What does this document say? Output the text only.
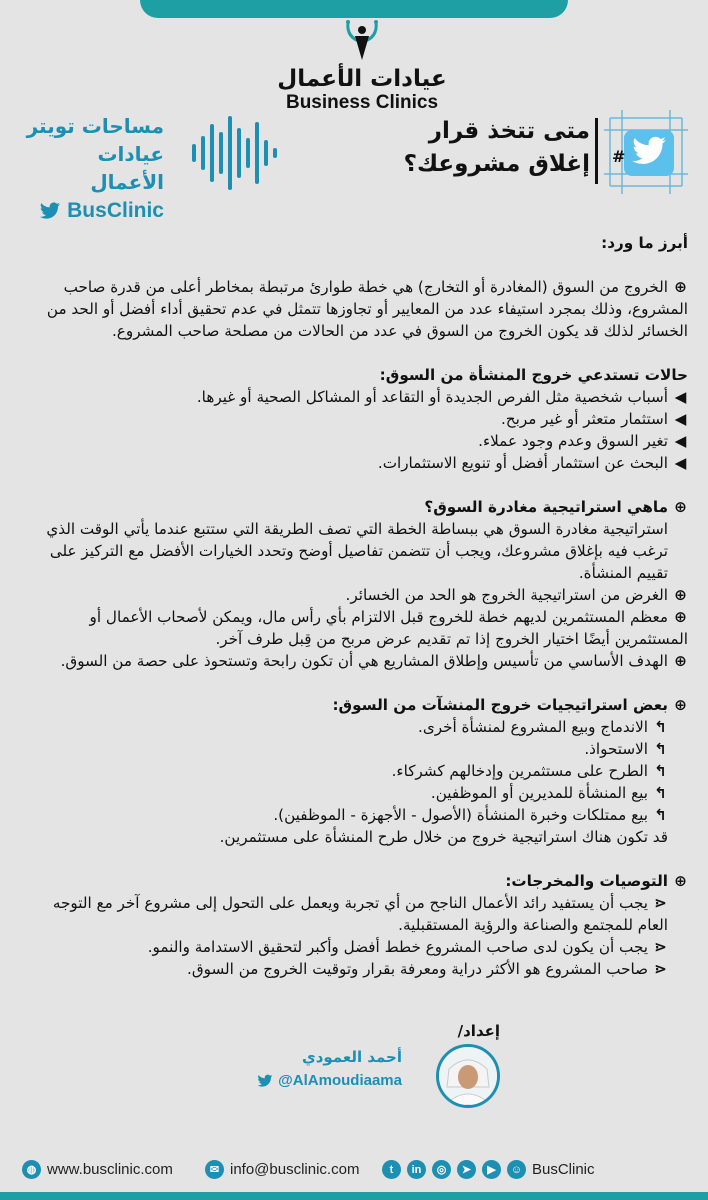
عيادات الأعمال
Business Clinics
مساحات تويتر
عيادات الأعمال
BusClinic
متى تتخذ قرار
إغلاق مشروعك؟ #

أبرز ما ورد:

⊕الخروج من السوق (المغادرة أو التخارج) هي خطة طوارئ مرتبطة بمخاطر أعلى من قدرة صاحب المشروع، وذلك بمجرد استيفاء عدد من المعايير أو تجاوزها تتمثل في عدم تحقيق أداء أفضل أو الحد من الخسائر لذلك قد يكون الخروج من السوق في عدد من الحالات من مصلحة صاحب المشروع.

حالات تستدعي خروج المنشأة من السوق:

◀أسباب شخصية مثل الفرص الجديدة أو التقاعد أو المشاكل الصحية أو غيرها.

◀استثمار متعثر أو غير مربح.

◀تغير السوق وعدم وجود عملاء.

◀البحث عن استثمار أفضل أو تنويع الاستثمارات.

⊕ماهي استراتيجية مغادرة السوق؟

استراتيجية مغادرة السوق هي ببساطة الخطة التي تصف الطريقة التي ستتبع عندما يأتي الوقت الذي ترغب فيه بإغلاق مشروعك، ويجب أن تتضمن تفاصيل أوضح وتحدد الخيارات الأفضل مع التركيز على تقييم المنشأة.

⊕الغرض من استراتيجية الخروج هو الحد من الخسائر.

⊕معظم المستثمرين لديهم خطة للخروج قبل الالتزام بأي رأس مال، ويمكن لأصحاب الأعمال أو المستثمرين أيضًا اختيار الخروج إذا تم تقديم عرض مربح من قِبل طرف آخر.

⊕الهدف الأساسي من تأسيس وإطلاق المشاريع هي أن تكون رابحة وتستحوذ على حصة من السوق.

⊕بعض استراتيجيات خروج المنشآت من السوق:

↰الاندماج وبيع المشروع لمنشأة أخرى.

↰الاستحواذ.

↰الطرح على مستثمرين وإدخالهم كشركاء.

↰بيع المنشأة للمديرين أو الموظفين.

↰بيع ممتلكات وخبرة المنشأة (الأصول - الأجهزة - الموظفين).

قد تكون هناك استراتيجية خروج من خلال طرح المنشأة على مستثمرين.

⊕التوصيات والمخرجات:

⋖يجب أن يستفيد رائد الأعمال الناجح من أي تجربة ويعمل على التحول إلى مشروع آخر مع التوجه العام للمجتمع والصناعة والرؤية المستقبلية.

⋖يجب أن يكون لدى صاحب المشروع خطط أفضل وأكبر لتحقيق الاستدامة والنمو.

⋖صاحب المشروع هو الأكثر دراية ومعرفة بقرار وتوقيت الخروج من السوق.

إعداد/
أحمد العمودي
@AlAmoudiaama
◍ www.busclinic.com	✉ info@busclinic.com	t	in	◎	➤	▶	☺ BusClinic
